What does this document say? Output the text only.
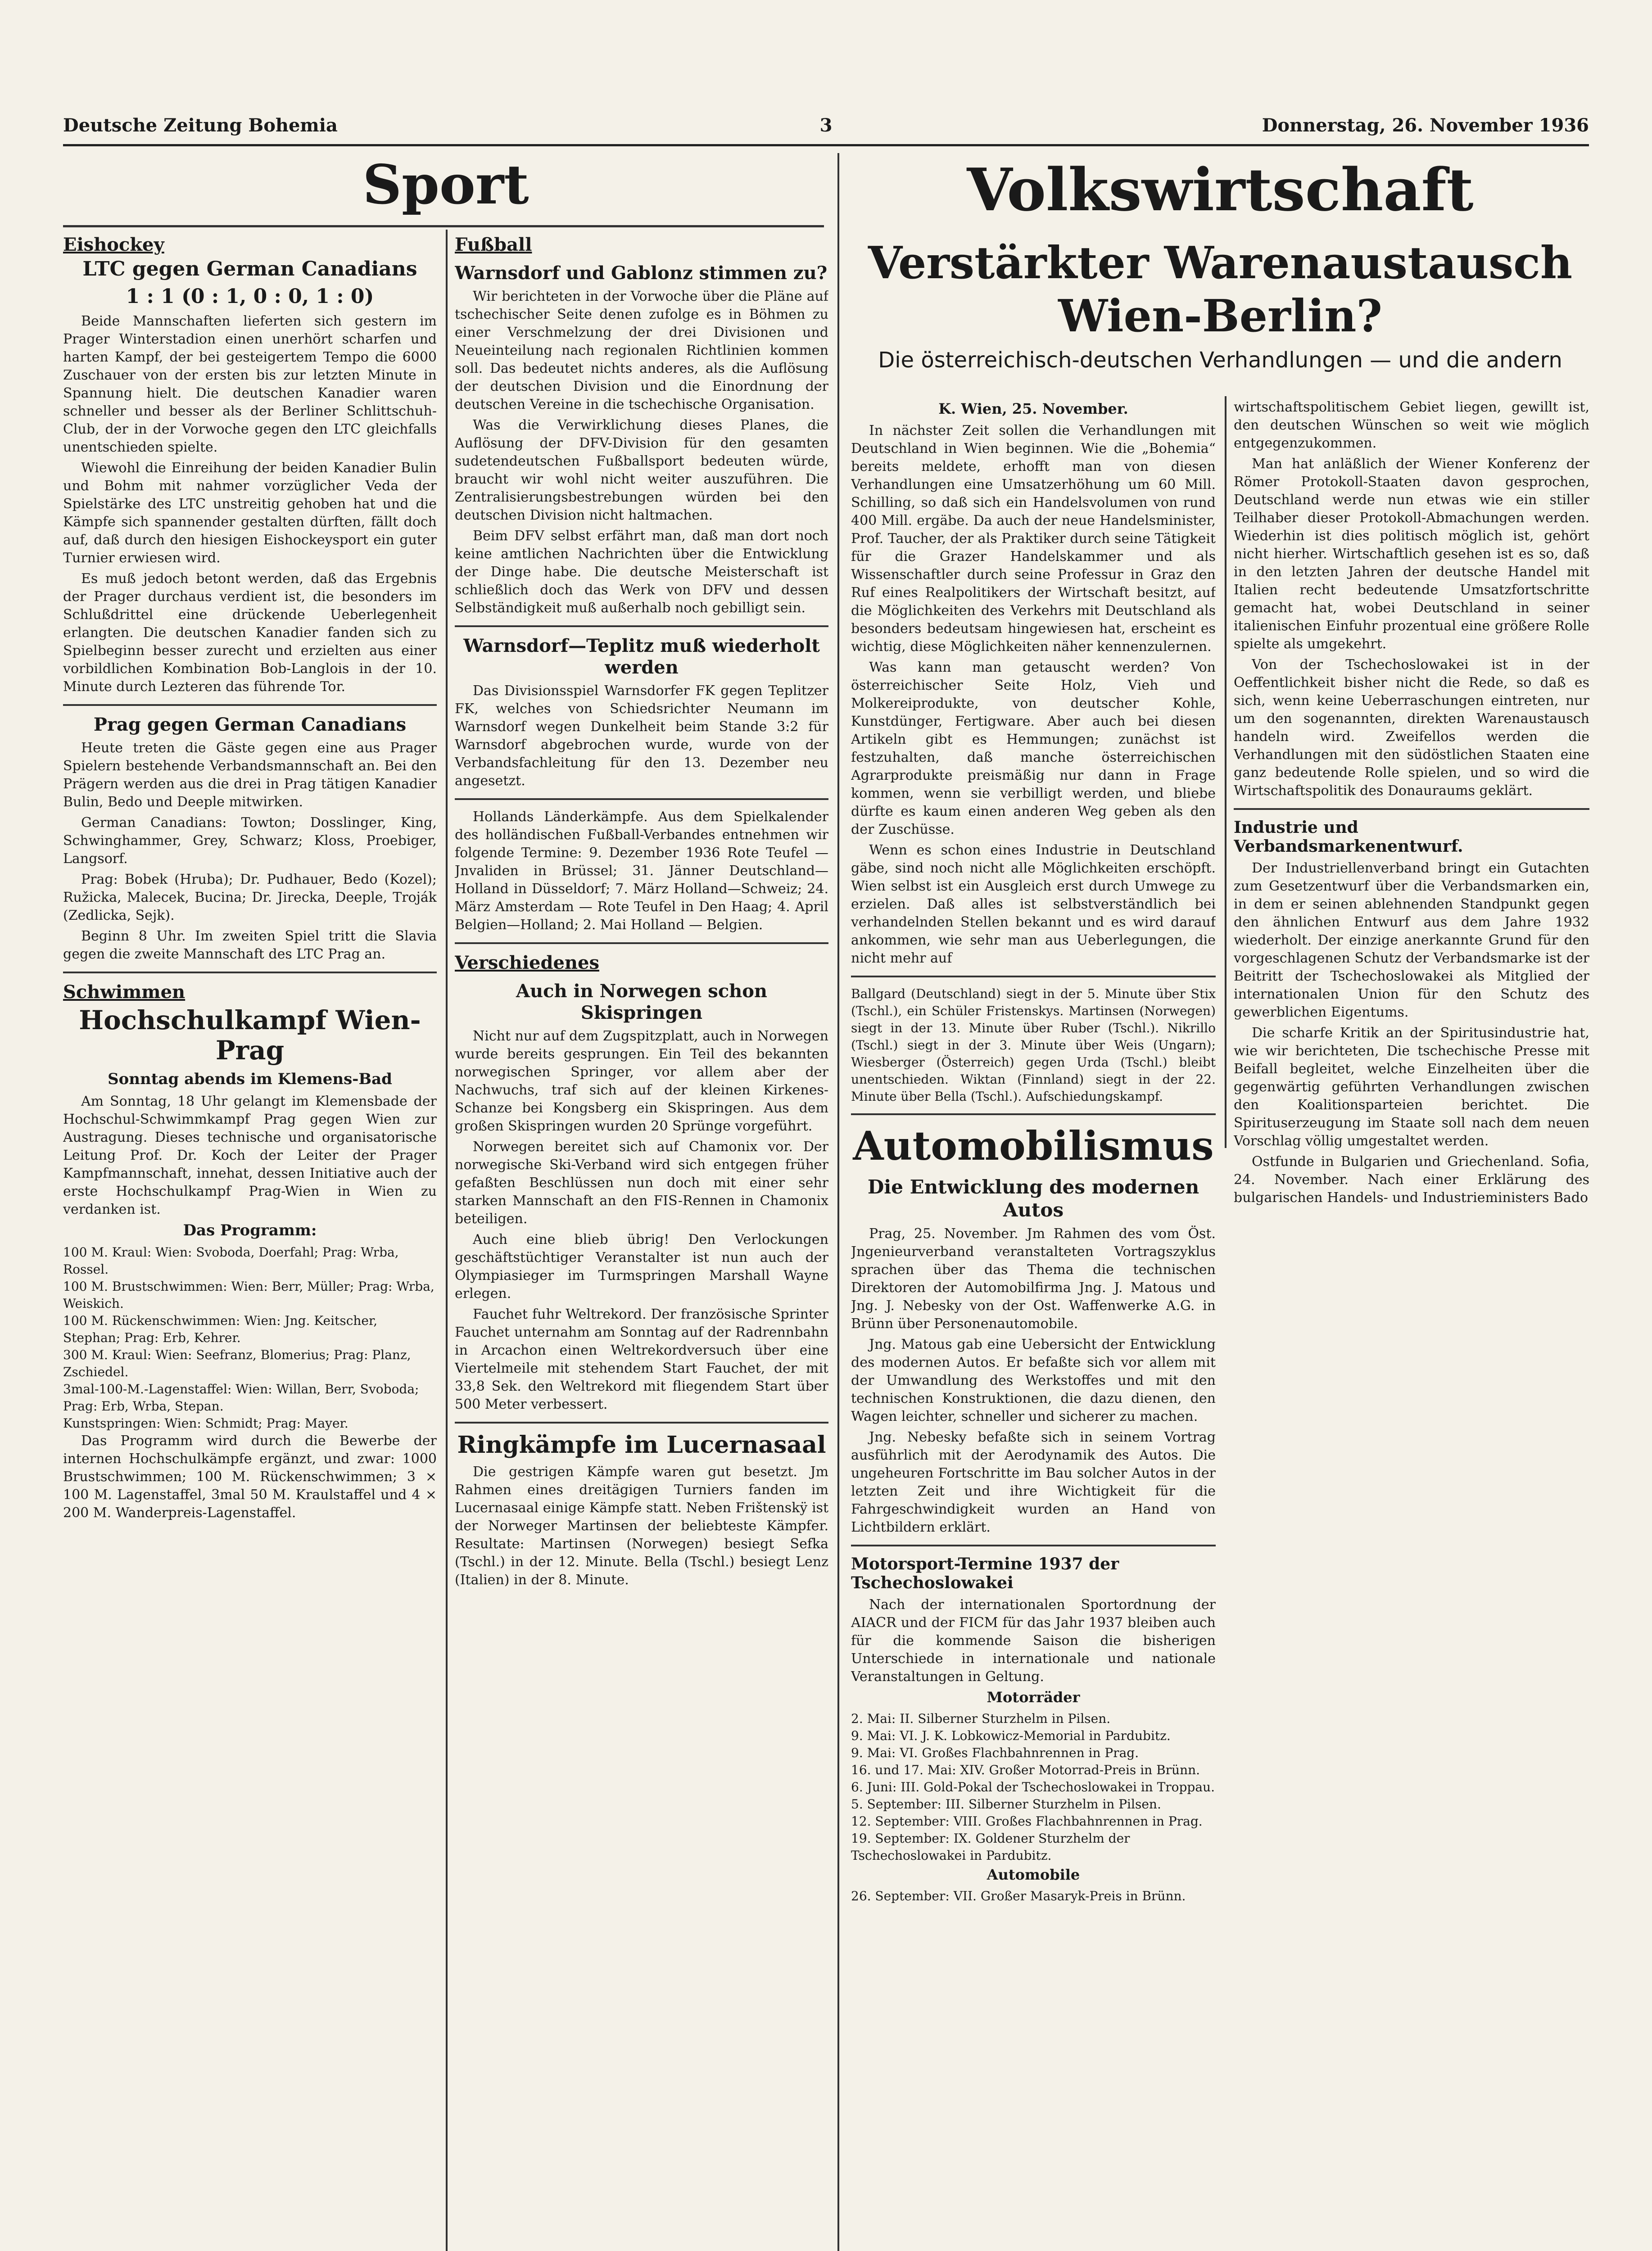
Deutsche Zeitung Bohemia	3	Donnerstag, 26. November 1936
Sport	Volkswirtschaft
Eishockey
LTC gegen German Canadians
1 : 1 (0 : 1, 0 : 0, 1 : 0)

Beide Mannschaften lieferten sich gestern im Prager Winterstadion einen unerhört scharfen und harten Kampf, der bei gesteigertem Tempo die 6000 Zuschauer von der ersten bis zur letzten Minute in Spannung hielt. Die deutschen Kanadier waren schneller und besser als der Berliner Schlittschuh-Club, der in der Vorwoche gegen den LTC gleichfalls unentschieden spielte.

Wiewohl die Einreihung der beiden Kanadier Bulin und Bohm mit nahmer vorzüglicher Veda der Spielstärke des LTC unstreitig gehoben hat und die Kämpfe sich spannender gestalten dürften, fällt doch auf, daß durch den hiesigen Eishockeysport ein guter Turnier erwiesen wird.

Es muß jedoch betont werden, daß das Ergebnis der Prager durchaus verdient ist, die besonders im Schlußdrittel eine drückende Ueberlegenheit erlangten. Die deutschen Kanadier fanden sich zu Spielbeginn besser zurecht und erzielten aus einer vorbildlichen Kombination Bob-Langlois in der 10. Minute durch Lezteren das führende Tor.

Prag gegen German Canadians

Heute treten die Gäste gegen eine aus Prager Spielern bestehende Verbandsmannschaft an. Bei den Prägern werden aus die drei in Prag tätigen Kanadier Bulin, Bedo und Deeple mitwirken.

German Canadians: Towton; Dosslinger, King, Schwinghammer, Grey, Schwarz; Kloss, Proebiger, Langsorf.

Prag: Bobek (Hruba); Dr. Pudhauer, Bedo (Kozel); Ružicka, Malecek, Bucina; Dr. Jirecka, Deeple, Troják (Zedlicka, Sejk).

Beginn 8 Uhr. Im zweiten Spiel tritt die Slavia gegen die zweite Mannschaft des LTC Prag an.

Schwimmen
Hochschulkampf Wien-Prag
Sonntag abends im Klemens-Bad

Am Sonntag, 18 Uhr gelangt im Klemensbade der Hochschul-Schwimmkampf Prag gegen Wien zur Austragung. Dieses technische und organisatorische Leitung Prof. Dr. Koch der Leiter der Prager Kampfmannschaft, innehat, dessen Initiative auch der erste Hochschulkampf Prag-Wien in Wien zu verdanken ist.

Das Programm:

100 M. Kraul: Wien: Svoboda, Doerfahl; Prag: Wrba, Rossel.

100 M. Brustschwimmen: Wien: Berr, Müller; Prag: Wrba, Weiskich.

100 M. Rückenschwimmen: Wien: Jng. Keitscher, Stephan; Prag: Erb, Kehrer.

300 M. Kraul: Wien: Seefranz, Blomerius; Prag: Planz, Zschiedel.

3mal-100-M.-Lagenstaffel: Wien: Willan, Berr, Svoboda; Prag: Erb, Wrba, Stepan.

Kunstspringen: Wien: Schmidt; Prag: Mayer.

Das Programm wird durch die Bewerbe der internen Hochschulkämpfe ergänzt, und zwar: 1000 Brustschwimmen; 100 M. Rückenschwimmen; 3 × 100 M. Lagenstaffel, 3mal 50 M. Kraulstaffel und 4 × 200 M. Wanderpreis-Lagenstaffel.

Fußball
Warnsdorf und Gablonz stimmen zu?

Wir berichteten in der Vorwoche über die Pläne auf tschechischer Seite denen zufolge es in Böhmen zu einer Verschmelzung der drei Divisionen und Neueinteilung nach regionalen Richtlinien kommen soll. Das bedeutet nichts anderes, als die Auflösung der deutschen Division und die Einordnung der deutschen Vereine in die tschechische Organisation.

Was die Verwirklichung dieses Planes, die Auflösung der DFV-Division für den gesamten sudetendeutschen Fußballsport bedeuten würde, braucht wir wohl nicht weiter auszuführen. Die Zentralisierungsbestrebungen würden bei den deutschen Division nicht haltmachen.

Beim DFV selbst erfährt man, daß man dort noch keine amtlichen Nachrichten über die Entwicklung der Dinge habe. Die deutsche Meisterschaft ist schließlich doch das Werk von DFV und dessen Selbständigkeit muß außerhalb noch gebilligt sein.

Warnsdorf—Teplitz muß wiederholt werden

Das Divisionsspiel Warnsdorfer FK gegen Teplitzer FK, welches von Schiedsrichter Neumann im Warnsdorf wegen Dunkelheit beim Stande 3:2 für Warnsdorf abgebrochen wurde, wurde von der Verbandsfachleitung für den 13. Dezember neu angesetzt.

Hollands Länderkämpfe. Aus dem Spielkalender des holländischen Fußball-Verbandes entnehmen wir folgende Termine: 9. Dezember 1936 Rote Teufel — Jnvaliden in Brüssel; 31. Jänner Deutschland—Holland in Düsseldorf; 7. März Holland—Schweiz; 24. März Amsterdam — Rote Teufel in Den Haag; 4. April Belgien—Holland; 2. Mai Holland — Belgien.

Verschiedenes
Auch in Norwegen schon Skispringen

Nicht nur auf dem Zugspitzplatt, auch in Norwegen wurde bereits gesprungen. Ein Teil des bekannten norwegischen Springer, vor allem aber der Nachwuchs, traf sich auf der kleinen Kirkenes-Schanze bei Kongsberg ein Skispringen. Aus dem großen Skispringen wurden 20 Sprünge vorgeführt.

Norwegen bereitet sich auf Chamonix vor. Der norwegische Ski-Verband wird sich entgegen früher gefaßten Beschlüssen nun doch mit einer sehr starken Mannschaft an den FIS-Rennen in Chamonix beteiligen.

Auch eine blieb übrig! Den Verlockungen geschäftstüchtiger Veranstalter ist nun auch der Olympiasieger im Turmspringen Marshall Wayne erlegen.

Fauchet fuhr Weltrekord. Der französische Sprinter Fauchet unternahm am Sonntag auf der Radrennbahn in Arcachon einen Weltrekordversuch über eine Viertelmeile mit stehendem Start Fauchet, der mit 33,8 Sek. den Weltrekord mit fliegendem Start über 500 Meter verbessert.

Ringkämpfe im Lucernasaal

Die gestrigen Kämpfe waren gut besetzt. Jm Rahmen eines dreitägigen Turniers fanden im Lucernasaal einige Kämpfe statt. Neben Frištenskÿ ist der Norweger Martinsen der beliebteste Kämpfer. Resultate: Martinsen (Norwegen) besiegt Sefka (Tschl.) in der 12. Minute. Bella (Tschl.) besiegt Lenz (Italien) in der 8. Minute.

Verstärkter Warenaustausch Wien-Berlin?
Die österreichisch-deutschen Verhandlungen — und die andern
K. Wien, 25. November.

In nächster Zeit sollen die Verhandlungen mit Deutschland in Wien beginnen. Wie die „Bohemia“ bereits meldete, erhofft man von diesen Verhandlungen eine Umsatzerhöhung um 60 Mill. Schilling, so daß sich ein Handelsvolumen von rund 400 Mill. ergäbe. Da auch der neue Handelsminister, Prof. Taucher, der als Praktiker durch seine Tätigkeit für die Grazer Handelskammer und als Wissenschaftler durch seine Professur in Graz den Ruf eines Realpolitikers der Wirtschaft besitzt, auf die Möglichkeiten des Verkehrs mit Deutschland als besonders bedeutsam hingewiesen hat, erscheint es wichtig, diese Möglichkeiten näher kennenzulernen.

Was kann man getauscht werden? Von österreichischer Seite Holz, Vieh und Molkereiprodukte, von deutscher Kohle, Kunstdünger, Fertigware. Aber auch bei diesen Artikeln gibt es Hemmungen; zunächst ist festzuhalten, daß manche österreichischen Agrarprodukte preismäßig nur dann in Frage kommen, wenn sie verbilligt werden, und bliebe dürfte es kaum einen anderen Weg geben als den der Zuschüsse.

Wenn es schon eines Industrie in Deutschland gäbe, sind noch nicht alle Möglichkeiten erschöpft. Wien selbst ist ein Ausgleich erst durch Umwege zu erzielen. Daß alles ist selbstverständlich bei verhandelnden Stellen bekannt und es wird darauf ankommen, wie sehr man aus Ueberlegungen, die nicht mehr auf

Ballgard (Deutschland) siegt in der 5. Minute über Stix (Tschl.), ein Schüler Fristenskys. Martinsen (Norwegen) siegt in der 13. Minute über Ruber (Tschl.). Nikrillo (Tschl.) siegt in der 3. Minute über Weis (Ungarn); Wiesberger (Österreich) gegen Urda (Tschl.) bleibt unentschieden. Wiktan (Finnland) siegt in der 22. Minute über Bella (Tschl.). Aufschiedungskampf.

Automobilismus
Die Entwicklung des modernen Autos

Prag, 25. November. Jm Rahmen des vom Öst. Jngenieurverband veranstalteten Vortragszyklus sprachen über das Thema die technischen Direktoren der Automobilfirma Jng. J. Matous und Jng. J. Nebesky von der Ost. Waffenwerke A.G. in Brünn über Personenautomobile.

Jng. Matous gab eine Uebersicht der Entwicklung des modernen Autos. Er befaßte sich vor allem mit der Umwandlung des Werkstoffes und mit den technischen Konstruktionen, die dazu dienen, den Wagen leichter, schneller und sicherer zu machen.

Jng. Nebesky befaßte sich in seinem Vortrag ausführlich mit der Aerodynamik des Autos. Die ungeheuren Fortschritte im Bau solcher Autos in der letzten Zeit und ihre Wichtigkeit für die Fahrgeschwindigkeit wurden an Hand von Lichtbildern erklärt.

Motorsport-Termine 1937 der Tschechoslowakei

Nach der internationalen Sportordnung der AIACR und der FICM für das Jahr 1937 bleiben auch für die kommende Saison die bisherigen Unterschiede in internationale und nationale Veranstaltungen in Geltung.

Motorräder

2. Mai: II. Silberner Sturzhelm in Pilsen.

9. Mai: VI. J. K. Lobkowicz-Memorial in Pardubitz.

9. Mai: VI. Großes Flachbahnrennen in Prag.

16. und 17. Mai: XIV. Großer Motorrad-Preis in Brünn.

6. Juni: III. Gold-Pokal der Tschechoslowakei in Troppau.

5. September: III. Silberner Sturzhelm in Pilsen.

12. September: VIII. Großes Flachbahnrennen in Prag.

19. September: IX. Goldener Sturzhelm der Tschechoslowakei in Pardubitz.

Automobile

26. September: VII. Großer Masaryk-Preis in Brünn.

wirtschaftspolitischem Gebiet liegen, gewillt ist, den deutschen Wünschen so weit wie möglich entgegenzukommen.

Man hat anläßlich der Wiener Konferenz der Römer Protokoll-Staaten davon gesprochen, Deutschland werde nun etwas wie ein stiller Teilhaber dieser Protokoll-Abmachungen werden. Wiederhin ist dies politisch möglich ist, gehört nicht hierher. Wirtschaftlich gesehen ist es so, daß in den letzten Jahren der deutsche Handel mit Italien recht bedeutende Umsatzfortschritte gemacht hat, wobei Deutschland in seiner italienischen Einfuhr prozentual eine größere Rolle spielte als umgekehrt.

Von der Tschechoslowakei ist in der Oeffentlichkeit bisher nicht die Rede, so daß es sich, wenn keine Ueberraschungen eintreten, nur um den sogenannten, direkten Warenaustausch handeln wird. Zweifellos werden die Verhandlungen mit den südöstlichen Staaten eine ganz bedeutende Rolle spielen, und so wird die Wirtschaftspolitik des Donauraums geklärt.

Industrie und Verbandsmarkenentwurf.

Der Industriellenverband bringt ein Gutachten zum Gesetzentwurf über die Verbandsmarken ein, in dem er seinen ablehnenden Standpunkt gegen den ähnlichen Entwurf aus dem Jahre 1932 wiederholt. Der einzige anerkannte Grund für den vorgeschlagenen Schutz der Verbandsmarke ist der Beitritt der Tschechoslowakei als Mitglied der internationalen Union für den Schutz des gewerblichen Eigentums.

Die scharfe Kritik an der Spiritusindustrie hat, wie wir berichteten, Die tschechische Presse mit Beifall begleitet, welche Einzelheiten über die gegenwärtig geführten Verhandlungen zwischen den Koalitionsparteien berichtet. Die Spirituserzeugung im Staate soll nach dem neuen Vorschlag völlig umgestaltet werden.

Ostfunde in Bulgarien und Griechenland. Sofia, 24. November. Nach einer Erklärung des bulgarischen Handels- und Industrieministers Bado
